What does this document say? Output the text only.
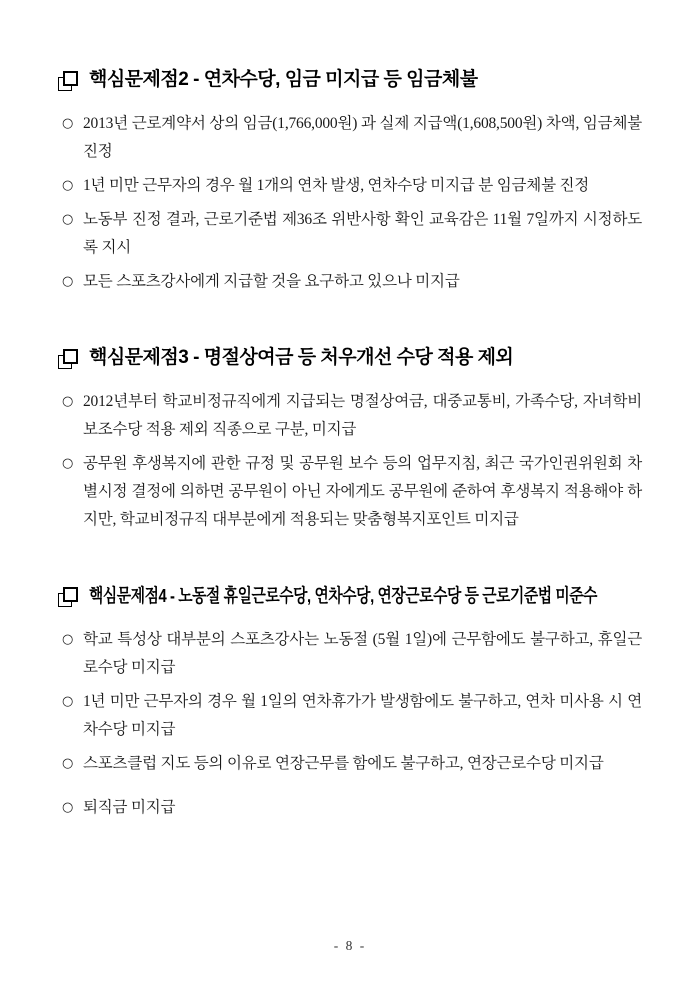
핵심문제점2 - 연차수당, 임금 미지급 등 임금체불
○ 2013년 근로계약서 상의 임금(1,766,000원) 과 실제 지급액(1,608,500원) 차액, 임금체불 진정
○ 1년 미만 근무자의 경우 월 1개의 연차 발생, 연차수당 미지급 분 임금체불 진정
○ 노동부 진정 결과, 근로기준법 제36조 위반사항 확인 교육감은 11월 7일까지 시정하도록 지시
○ 모든 스포츠강사에게 지급할 것을 요구하고 있으나 미지급
핵심문제점3 - 명절상여금 등 처우개선 수당 적용 제외
○ 2012년부터 학교비정규직에게 지급되는 명절상여금, 대중교통비, 가족수당, 자녀학비보조수당 적용 제외 직종으로 구분, 미지급
○ 공무원 후생복지에 관한 규정 및 공무원 보수 등의 업무지침, 최근 국가인권위원회 차별시정 결정에 의하면 공무원이 아닌 자에게도 공무원에 준하여 후생복지 적용해야 하지만, 학교비정규직 대부분에게 적용되는 맞춤형복지포인트 미지급
핵심문제점4 - 노동절 휴일근로수당, 연차수당, 연장근로수당 등 근로기준법 미준수
○ 학교 특성상 대부분의 스포츠강사는 노동절 (5월 1일)에 근무함에도 불구하고, 휴일근로수당 미지급
○ 1년 미만 근무자의 경우 월 1일의 연차휴가가 발생함에도 불구하고, 연차 미사용 시 연차수당 미지급
○ 스포츠클럽 지도 등의 이유로 연장근무를 함에도 불구하고, 연장근로수당 미지급
○ 퇴직금 미지급
- 8 -
